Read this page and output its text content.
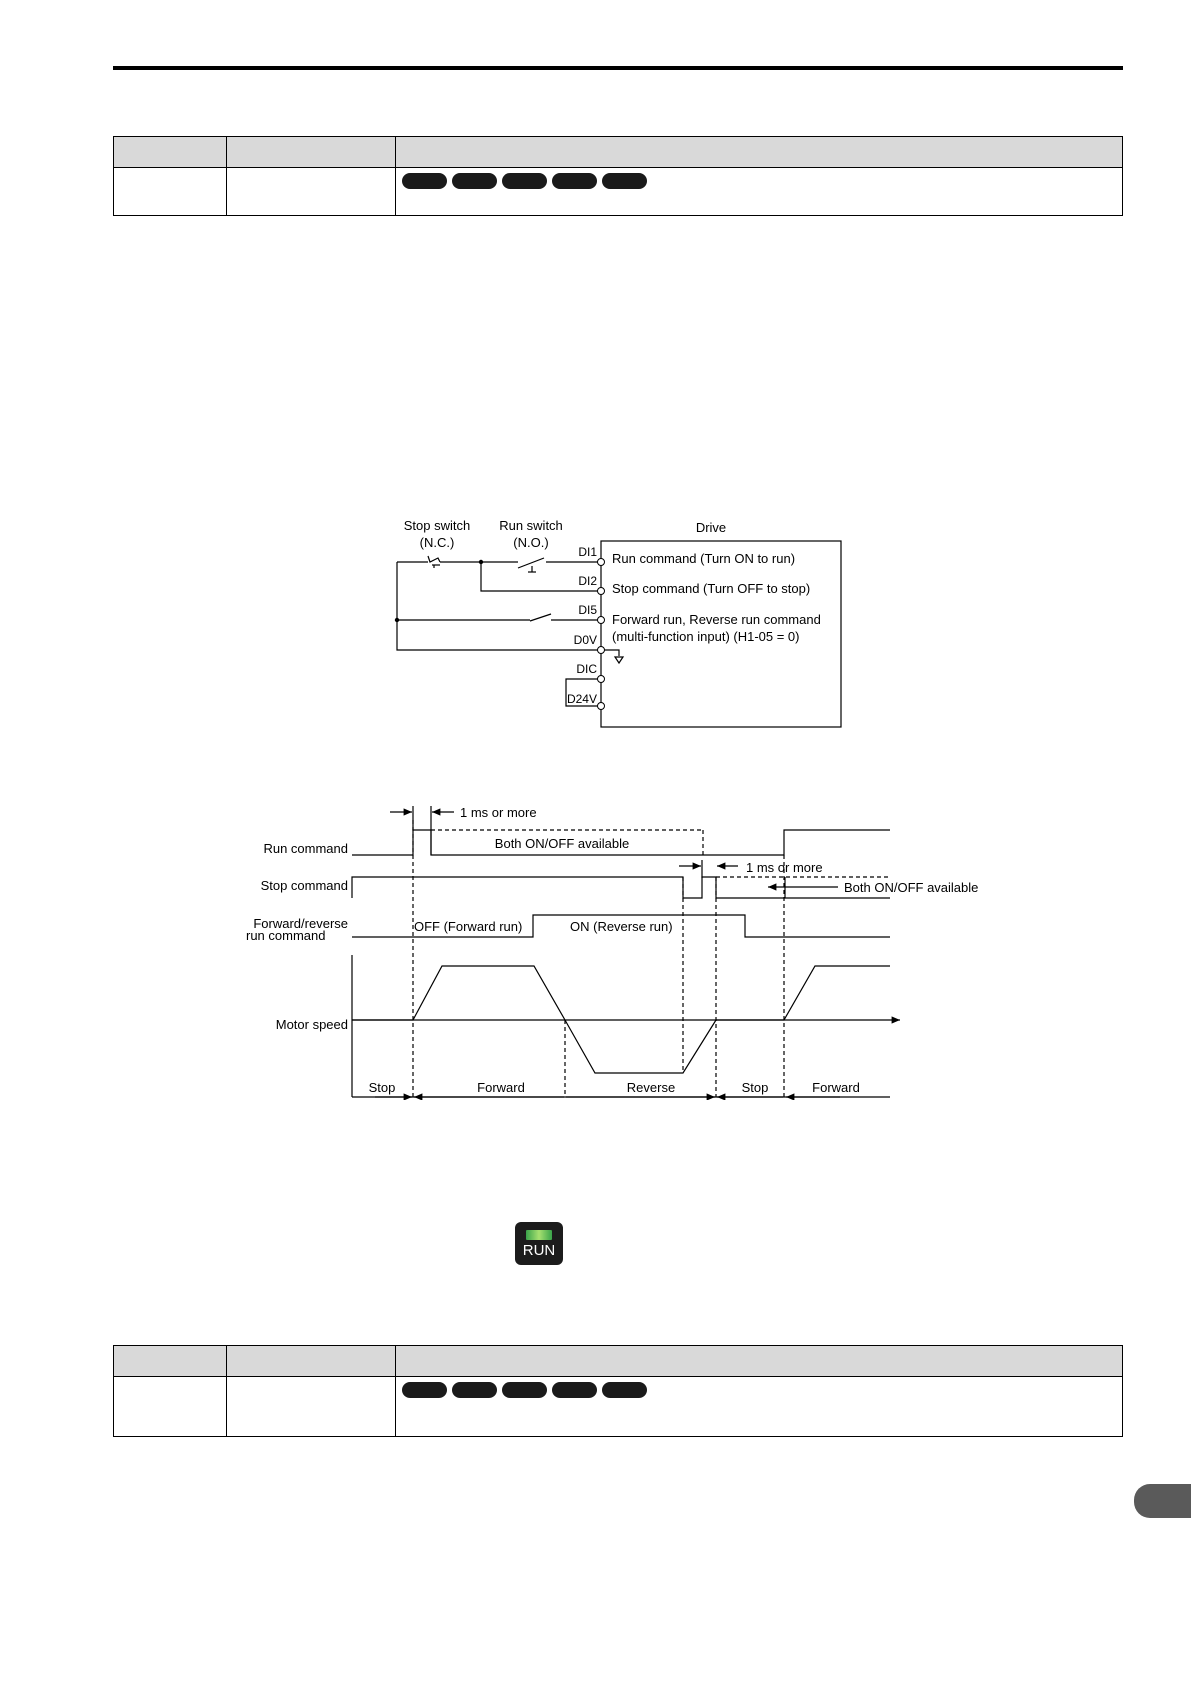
Stop switch
(N.C.)
Run switch
(N.O.)
Drive
DI1
DI2
DI5
D0V
DIC
D24V
Run command (Turn ON to run)
Stop command (Turn OFF to stop)
Forward run, Reverse run command
(multi-function input) (H1-05 = 0)
Run command
Stop command
Forward/reverse
run command
Motor speed
1 ms or more
1 ms or more
Both ON/OFF available
Both ON/OFF available
OFF (Forward run)	ON (Reverse run)
Stop	Forward	Reverse	Stop	Forward
RUN
